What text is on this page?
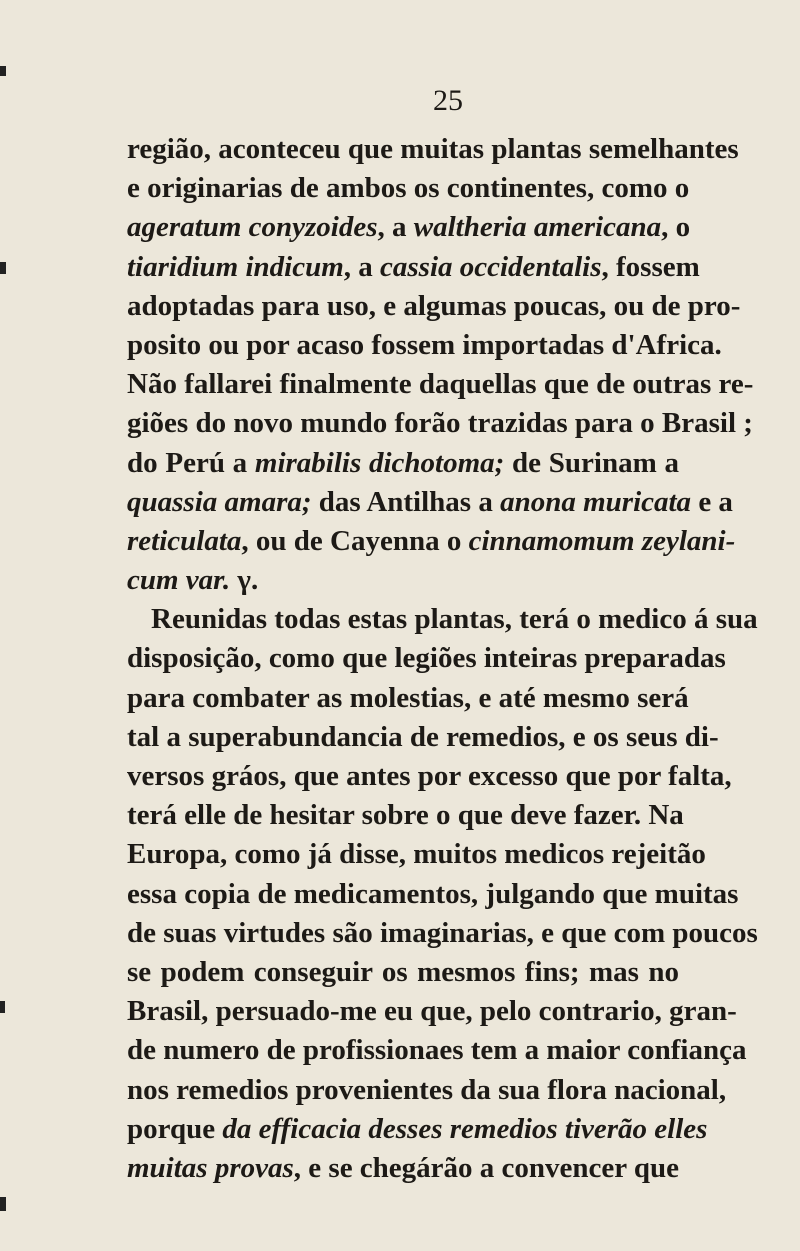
25
região, aconteceu que muitas plantas semelhantes
e originarias de ambos os continentes, como o
ageratum conyzoides, a waltheria americana, o
tiaridium indicum, a cassia occidentalis, fossem
adoptadas para uso, e algumas poucas, ou de pro-
posito ou por acaso fossem importadas d'Africa.
Não fallarei finalmente daquellas que de outras re-
giões do novo mundo forão trazidas para o Brasil ;
do Perú a mirabilis dichotoma; de Surinam a
quassia amara; das Antilhas a anona muricata e a
reticulata, ou de Cayenna o cinnamomum zeylani-
cum var. γ.
Reunidas todas estas plantas, terá o medico á sua
disposição, como que legiões inteiras preparadas
para combater as molestias, e até mesmo será
tal a superabundancia de remedios, e os seus di-
versos gráos, que antes por excesso que por falta,
terá elle de hesitar sobre o que deve fazer. Na
Europa, como já disse, muitos medicos rejeitão
essa copia de medicamentos, julgando que muitas
de suas virtudes são imaginarias, e que com poucos
se podem conseguir os mesmos fins; mas no
Brasil, persuado-me eu que, pelo contrario, gran-
de numero de profissionaes tem a maior confiança
nos remedios provenientes da sua flora nacional,
porque da efficacia desses remedios tiverão elles
muitas provas, e se chegárão a convencer que
